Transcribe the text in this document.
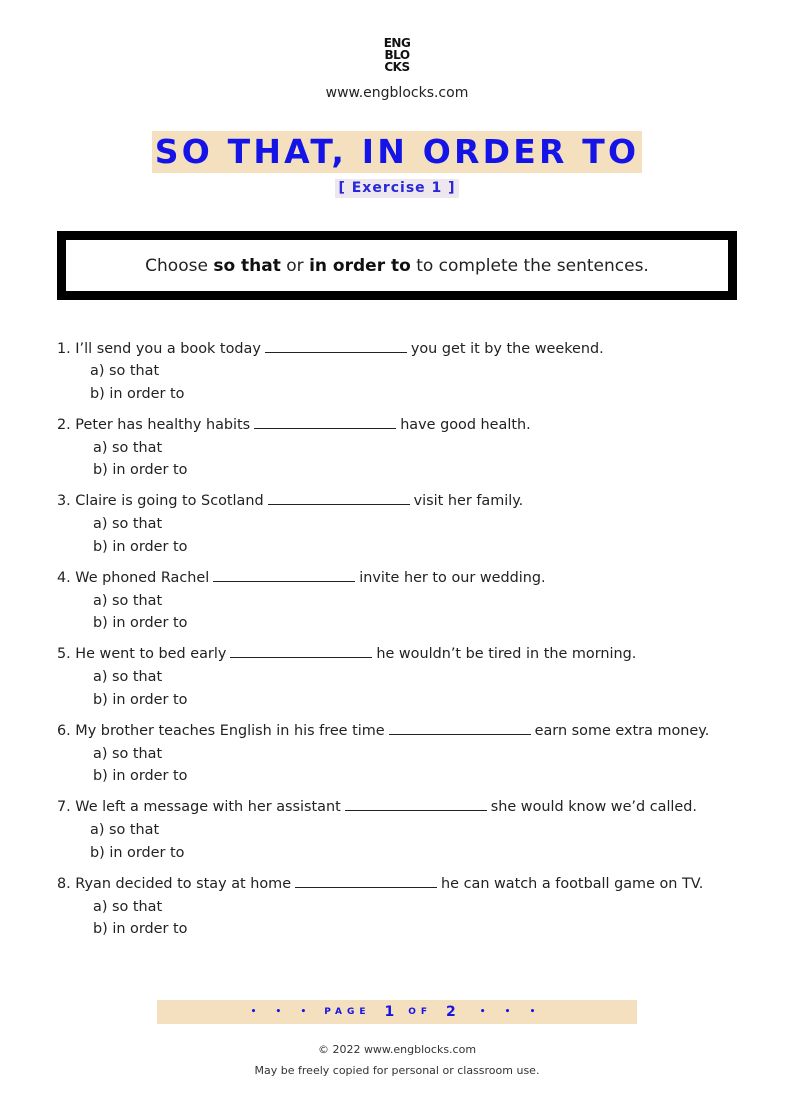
ENG
BLO
CKS
www.engblocks.com
SO THAT, IN ORDER TO
[ Exercise 1 ]
Choose so that or in order to to complete the sentences.
1. I’ll send you a book today	you get it by the weekend.
a) so that
b) in order to
2. Peter has healthy habits	have good health.
a) so that
b) in order to
3. Claire is going to Scotland	visit her family.
a) so that
b) in order to
4. We phoned Rachel	invite her to our wedding.
a) so that
b) in order to
5. He went to bed early	he wouldn’t be tired in the morning.
a) so that
b) in order to
6. My brother teaches English in his free time	earn some extra money.
a) so that
b) in order to
7. We left a message with her assistant	she would know we’d called.
a) so that
b) in order to
8. Ryan decided to stay at home	he can watch a football game on TV.
a) so that
b) in order to
• • • PAGE 1 OF 2	• • •
© 2022 www.engblocks.com
May be freely copied for personal or classroom use.
